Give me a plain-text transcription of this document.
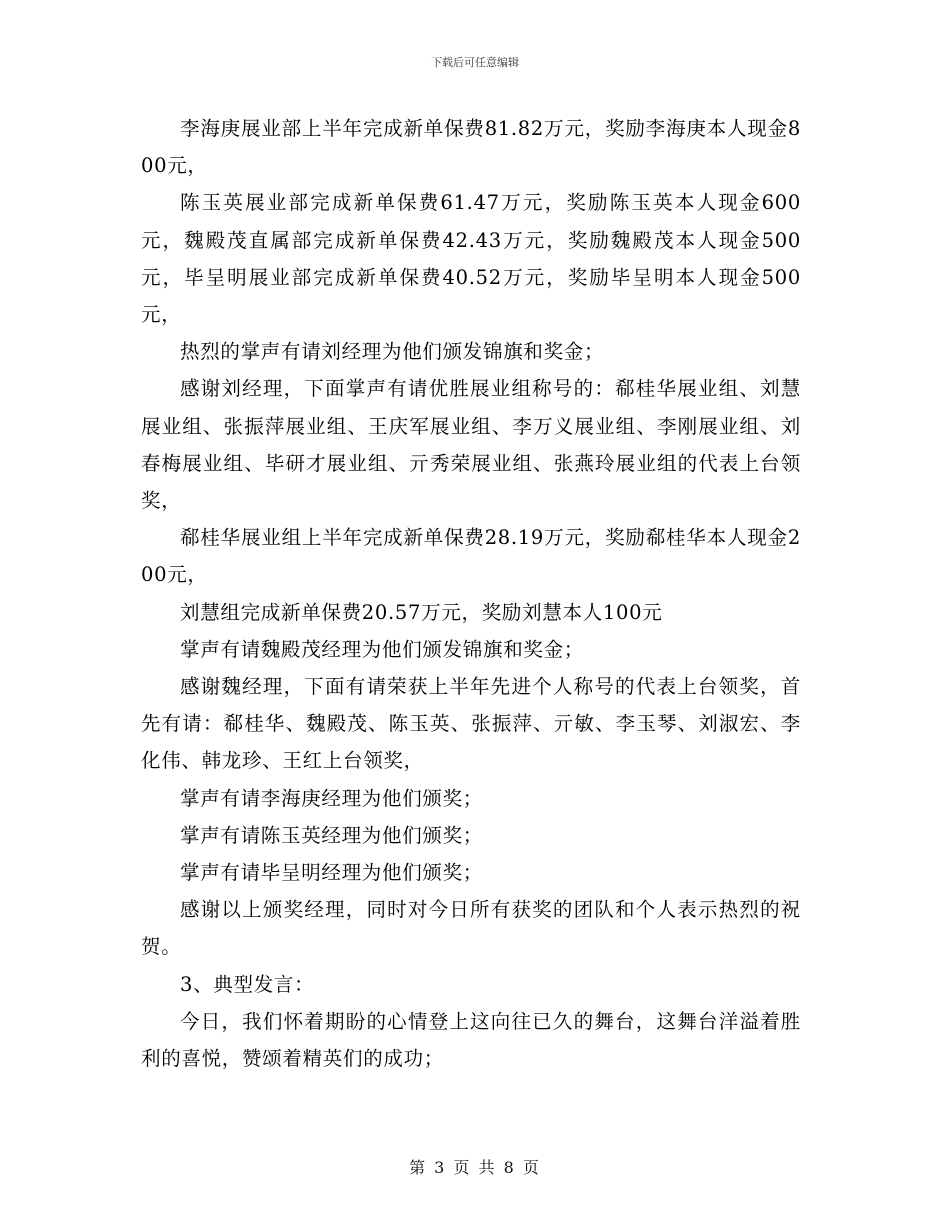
下载后可任意编辑

李海庚展业部上半年完成新单保费81.82万元，奖励李海庚本人现金800元，

陈玉英展业部完成新单保费61.47万元，奖励陈玉英本人现金600元，魏殿茂直属部完成新单保费42.43万元，奖励魏殿茂本人现金500元，毕呈明展业部完成新单保费40.52万元，奖励毕呈明本人现金500元，

热烈的掌声有请刘经理为他们颁发锦旗和奖金；

感谢刘经理，下面掌声有请优胜展业组称号的：郗桂华展业组、刘慧展业组、张振萍展业组、王庆军展业组、李万义展业组、李刚展业组、刘春梅展业组、毕研才展业组、亓秀荣展业组、张燕玲展业组的代表上台领奖，

郗桂华展业组上半年完成新单保费28.19万元，奖励郗桂华本人现金200元，

刘慧组完成新单保费20.57万元，奖励刘慧本人100元

掌声有请魏殿茂经理为他们颁发锦旗和奖金；

感谢魏经理，下面有请荣获上半年先进个人称号的代表上台领奖，首先有请：郗桂华、魏殿茂、陈玉英、张振萍、亓敏、李玉琴、刘淑宏、李化伟、韩龙珍、王红上台领奖，

掌声有请李海庚经理为他们颁奖；

掌声有请陈玉英经理为他们颁奖；

掌声有请毕呈明经理为他们颁奖；

感谢以上颁奖经理，同时对今日所有获奖的团队和个人表示热烈的祝贺。

3、典型发言：

今日，我们怀着期盼的心情登上这向往已久的舞台，这舞台洋溢着胜利的喜悦，赞颂着精英们的成功；

第 3 页 共 8 页
